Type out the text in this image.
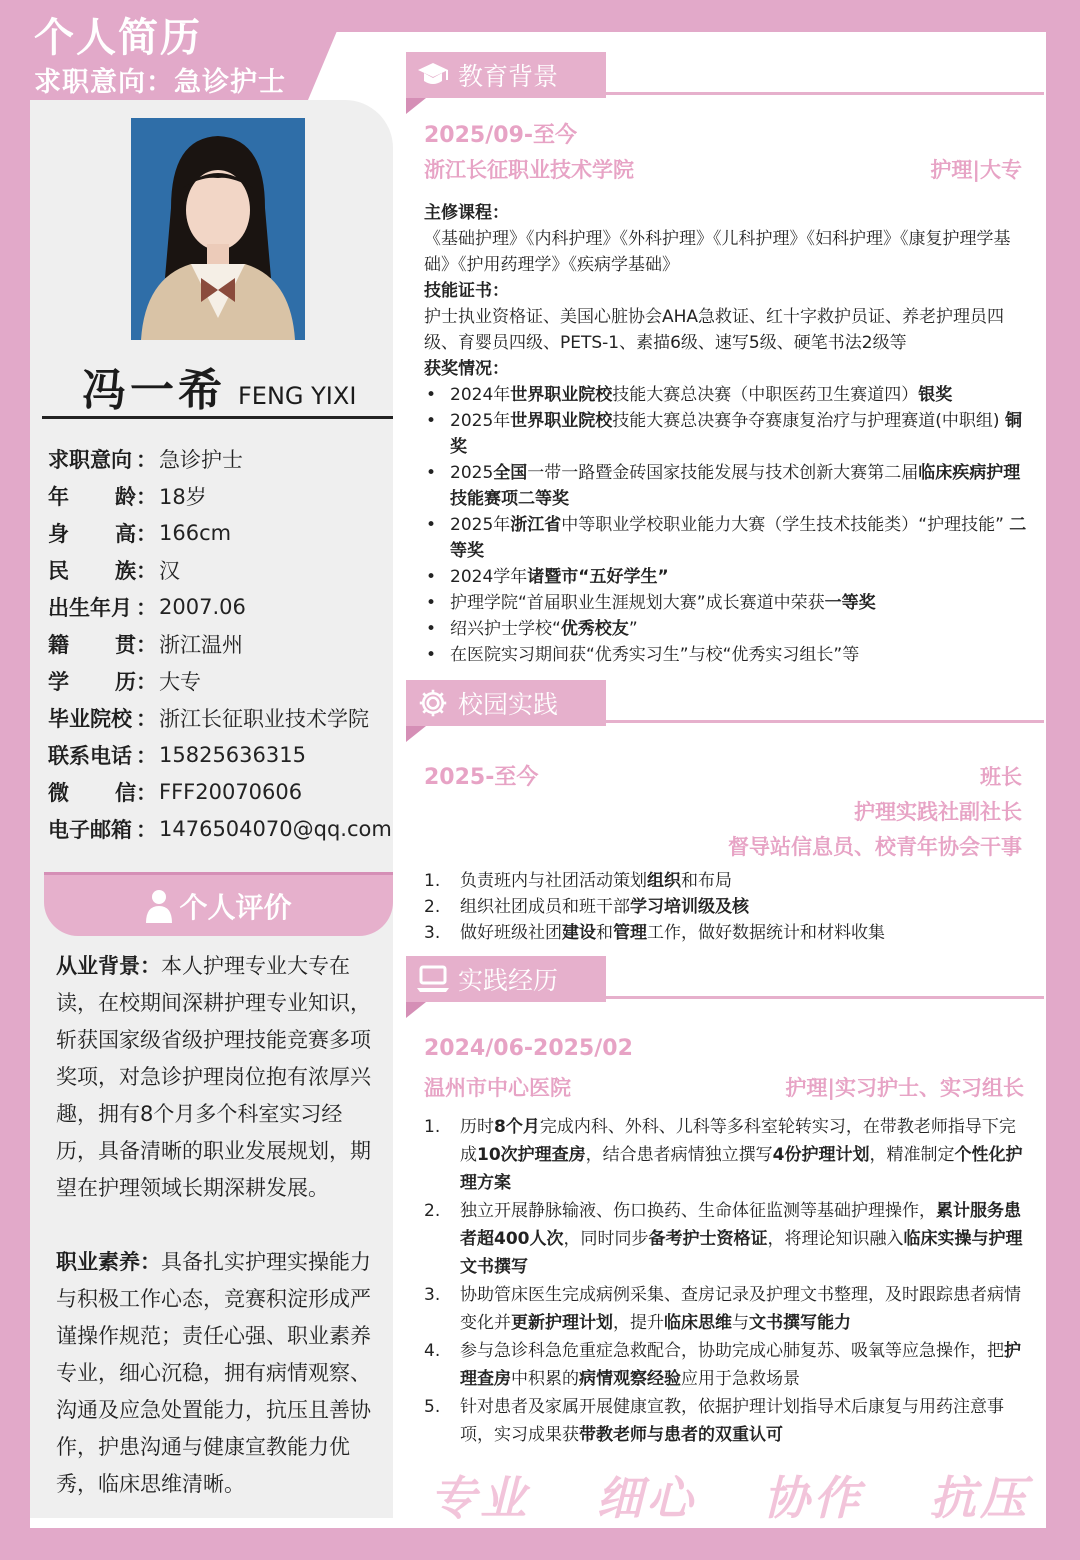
个人简历
求职意向：急诊护士
冯一希 FENG YIXI
求职意向 ： 急诊护士
年龄 ： 18岁
身高 ： 166cm
民族 ： 汉
出生年月 ： 2007.06
籍贯 ： 浙江温州
学历 ： 大专
毕业院校 ： 浙江长征职业技术学院
联系电话 ： 15825636315
微信 ： FFF20070606
电子邮箱 ： 1476504070@qq.com
个人评价

从业背景：本人护理专业大专在读，在校期间深耕护理专业知识，斩获国家级省级护理技能竞赛多项奖项，对急诊护理岗位抱有浓厚兴趣，拥有8个月多个科室实习经历，具备清晰的职业发展规划，期望在护理领域长期深耕发展。

职业素养：具备扎实护理实操能力与积极工作心态，竞赛积淀形成严谨操作规范；责任心强、职业素养专业，细心沉稳，拥有病情观察、沟通及应急处置能力，抗压且善协作，护患沟通与健康宣教能力优秀，临床思维清晰。

教育背景
2025/09-至今
浙江长征职业技术学院	护理|大专
主修课程：
《基础护理》《内科护理》《外科护理》《儿科护理》《妇科护理》《康复护理学基础》《护用药理学》《疾病学基础》
技能证书：
护士执业资格证、美国心脏协会AHA急救证、红十字救护员证、养老护理员四级、育婴员四级、PETS-1、素描6级、速写5级、硬笔书法2级等
获奖情况：
• 2024年世界职业院校技能大赛总决赛（中职医药卫生赛道四）银奖
• 2025年世界职业院校技能大赛总决赛争夺赛康复治疗与护理赛道(中职组) 铜奖
• 2025全国一带一路暨金砖国家技能发展与技术创新大赛第二届临床疾病护理技能赛项二等奖
• 2025年浙江省中等职业学校职业能力大赛（学生技术技能类）“护理技能” 二等奖
• 2024学年诸暨市“五好学生”
• 护理学院“首届职业生涯规划大赛”成长赛道中荣获一等奖
• 绍兴护士学校“优秀校友”
• 在医院实习期间获“优秀实习生”与校“优秀实习组长”等
校园实践
2025-至今	班长
护理实践社副社长
督导站信息员、校青年协会干事
1. 负责班内与社团活动策划组织和布局
2. 组织社团成员和班干部学习培训级及核
3. 做好班级社团建设和管理工作，做好数据统计和材料收集
实践经历
2024/06-2025/02
温州市中心医院	护理|实习护士、实习组长
1. 历时8个月完成内科、外科、儿科等多科室轮转实习，在带教老师指导下完成10次护理查房，结合患者病情独立撰写4份护理计划，精准制定个性化护理方案
2. 独立开展静脉输液、伤口换药、生命体征监测等基础护理操作，累计服务患者超400人次，同时同步备考护士资格证，将理论知识融入临床实操与护理文书撰写
3. 协助管床医生完成病例采集、查房记录及护理文书整理，及时跟踪患者病情变化并更新护理计划，提升临床思维与文书撰写能力
4. 参与急诊科急危重症急救配合，协助完成心肺复苏、吸氧等应急操作，把护理查房中积累的病情观察经验应用于急救场景
5. 针对患者及家属开展健康宣教，依据护理计划指导术后康复与用药注意事项，实习成果获带教老师与患者的双重认可
专业 细心 协作 抗压
